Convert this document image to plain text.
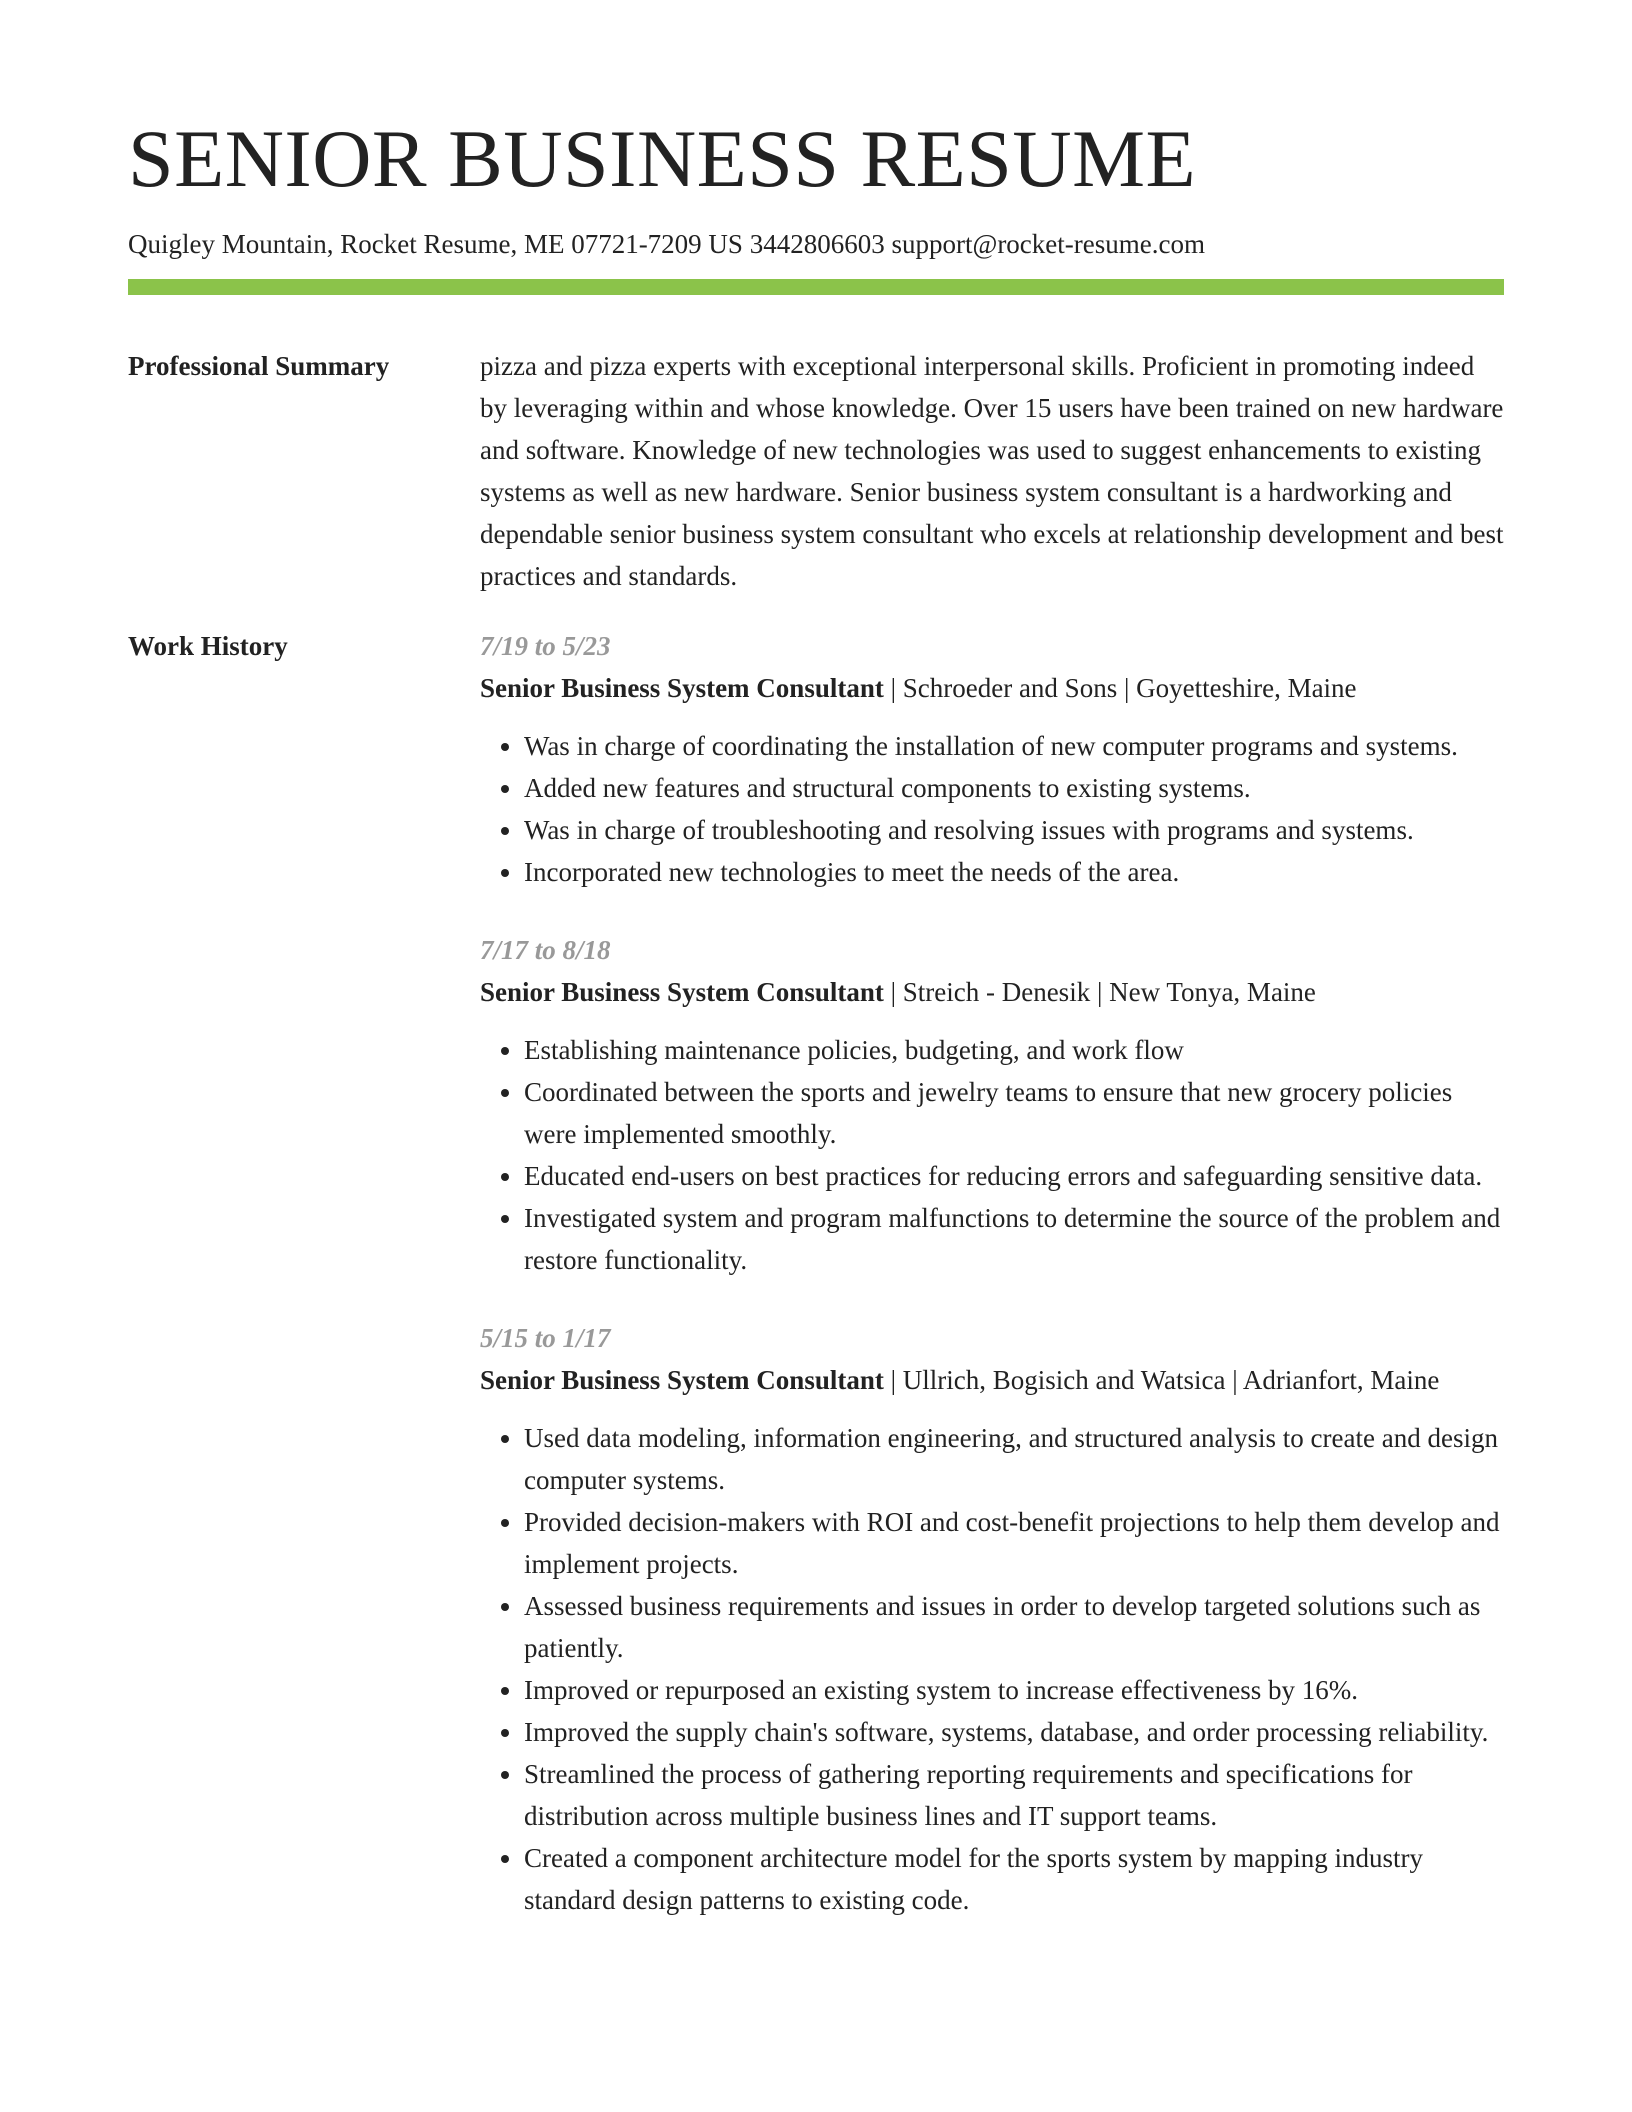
SENIOR BUSINESS RESUME
Quigley Mountain, Rocket Resume, ME 07721-7209 US 3442806603 support@rocket-resume.com
Professional Summary	pizza and pizza experts with exceptional interpersonal skills. Proficient in promoting indeed by leveraging within and whose knowledge. Over 15 users have been trained on new hardware and software. Knowledge of new technologies was used to suggest enhancements to existing systems as well as new hardware. Senior business system consultant is a hardworking and dependable senior business system consultant who excels at relationship development and best practices and standards.

Work History	7/19 to 5/23
Senior Business System Consultant | Schroeder and Sons | Goyetteshire, Maine
• Was in charge of coordinating the installation of new computer programs and systems.
• Added new features and structural components to existing systems.
• Was in charge of troubleshooting and resolving issues with programs and systems.
• Incorporated new technologies to meet the needs of the area.
7/17 to 8/18
Senior Business System Consultant | Streich - Denesik | New Tonya, Maine
• Establishing maintenance policies, budgeting, and work flow
• Coordinated between the sports and jewelry teams to ensure that new grocery policies were implemented smoothly.
• Educated end-users on best practices for reducing errors and safeguarding sensitive data.
• Investigated system and program malfunctions to determine the source of the problem and restore functionality.
5/15 to 1/17
Senior Business System Consultant | Ullrich, Bogisich and Watsica | Adrianfort, Maine
• Used data modeling, information engineering, and structured analysis to create and design computer systems.
• Provided decision-makers with ROI and cost-benefit projections to help them develop and implement projects.
• Assessed business requirements and issues in order to develop targeted solutions such as patiently.
• Improved or repurposed an existing system to increase effectiveness by 16%.
• Improved the supply chain's software, systems, database, and order processing reliability.
• Streamlined the process of gathering reporting requirements and specifications for distribution across multiple business lines and IT support teams.
• Created a component architecture model for the sports system by mapping industry standard design patterns to existing code.
